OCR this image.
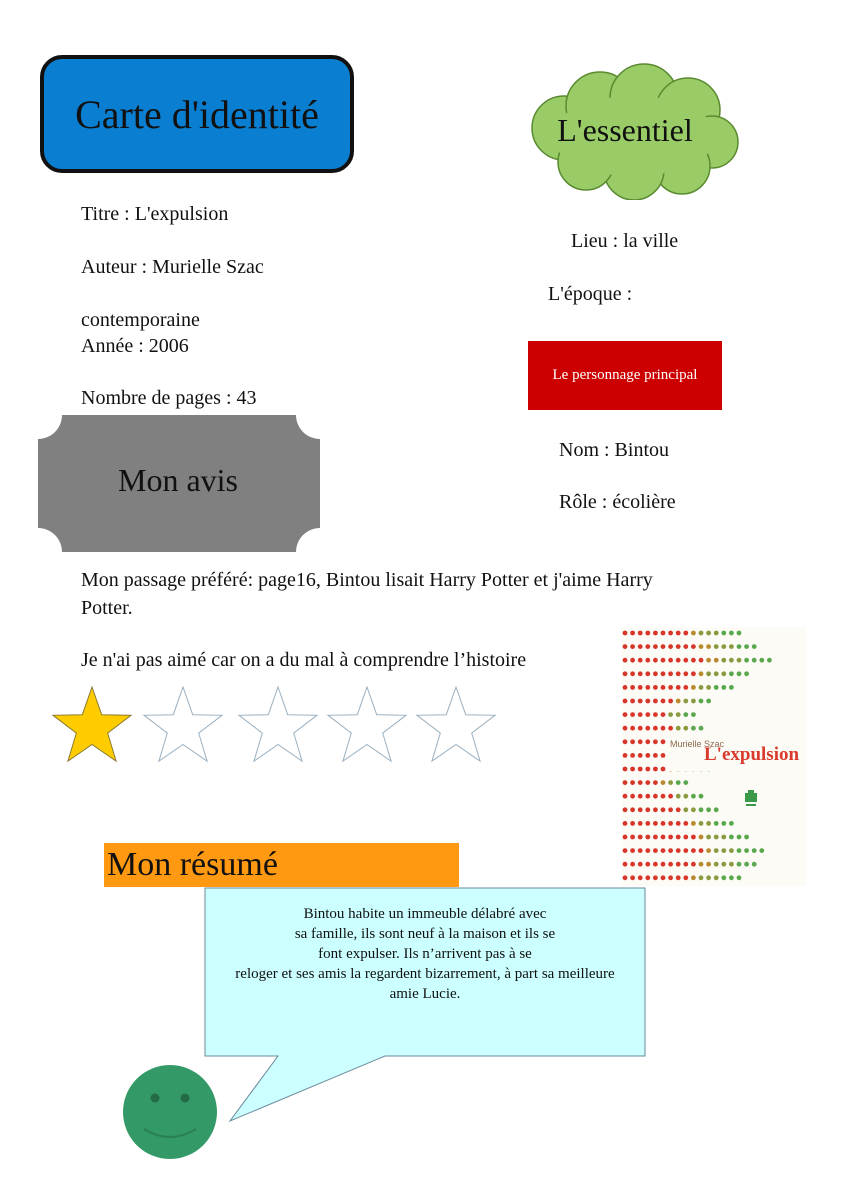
Carte d'identité
Titre : L'expulsion
Auteur : Murielle Szac
contemporaine
Année : 2006
Nombre de pages : 43
L'essentiel
Lieu : la ville
L'époque :
Le personnage principal
Nom : Bintou
Rôle : écolière
Mon avis
Mon passage préféré: page16, Bintou lisait Harry Potter et j'aime Harry
Potter.
Je n'ai pas aimé car on a du mal à comprendre l’histoire
Murielle Szac
L'expulsion
Mon résumé
Bintou habite un immeuble délabré avec
sa famille, ils sont neuf à la maison et ils se
font expulser. Ils n’arrivent pas à se
reloger et ses amis la regardent bizarrement, à part sa meilleure
amie Lucie.
